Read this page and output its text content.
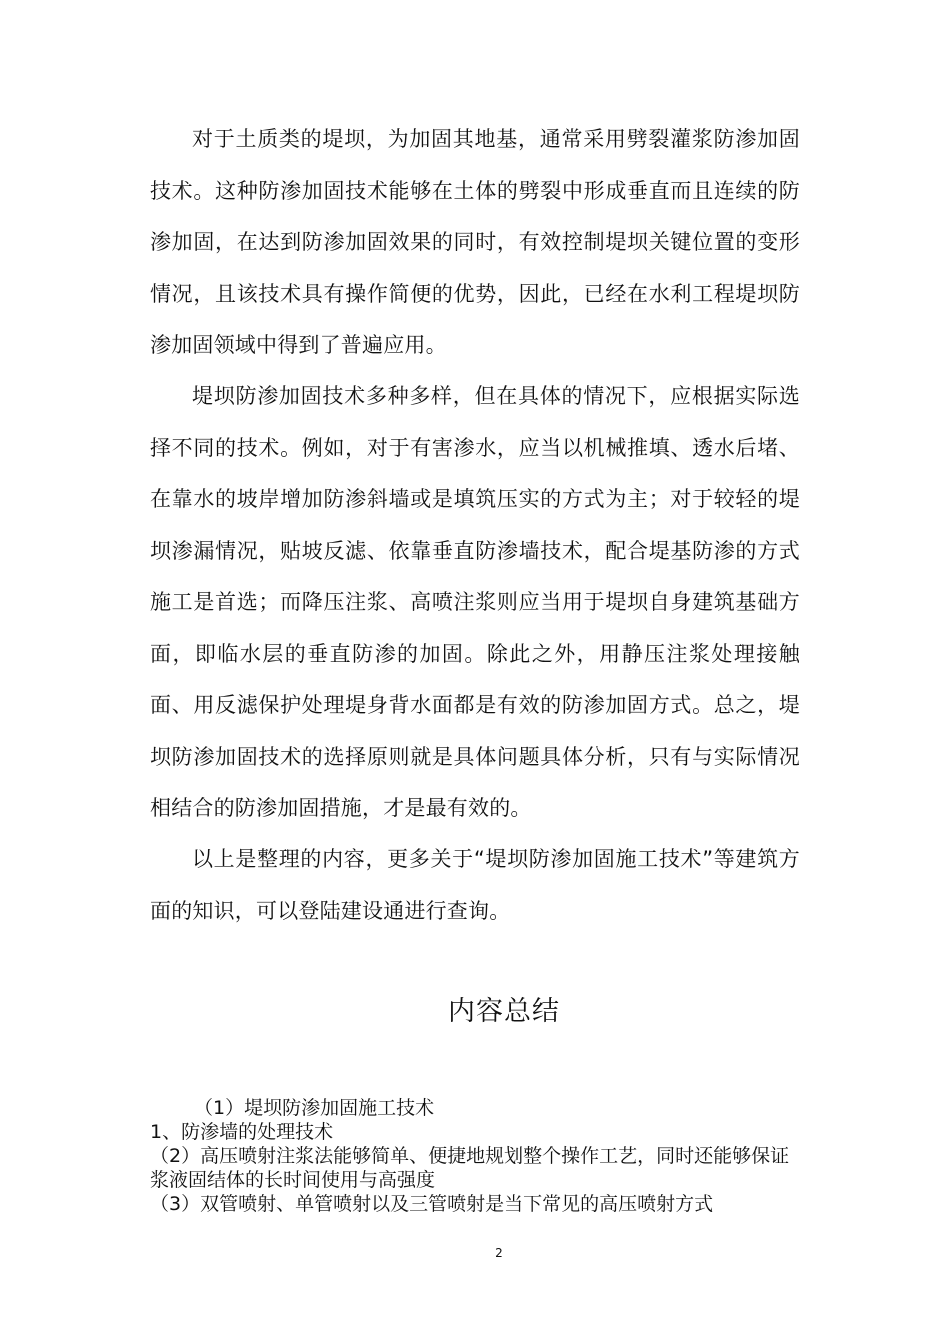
对于土质类的堤坝，为加固其地基，通常采用劈裂灌浆防渗加固技术。这种防渗加固技术能够在土体的劈裂中形成垂直而且连续的防渗加固，在达到防渗加固效果的同时，有效控制堤坝关键位置的变形情况，且该技术具有操作简便的优势，因此，已经在水利工程堤坝防渗加固领域中得到了普遍应用。

堤坝防渗加固技术多种多样，但在具体的情况下，应根据实际选择不同的技术。例如，对于有害渗水，应当以机械推填、透水后堵、在靠水的坡岸增加防渗斜墙或是填筑压实的方式为主；对于较轻的堤坝渗漏情况，贴坡反滤、依靠垂直防渗墙技术，配合堤基防渗的方式施工是首选；而降压注浆、高喷注浆则应当用于堤坝自身建筑基础方面，即临水层的垂直防渗的加固。除此之外，用静压注浆处理接触面、用反滤保护处理堤身背水面都是有效的防渗加固方式。总之，堤坝防渗加固技术的选择原则就是具体问题具体分析，只有与实际情况相结合的防渗加固措施，才是最有效的。

以上是整理的内容，更多关于“堤坝防渗加固施工技术”等建筑方面的知识，可以登陆建设通进行查询。

内容总结
（1）堤坝防渗加固施工技术
1、防渗墙的处理技术
（2）高压喷射注浆法能够简单、便捷地规划整个操作工艺，同时还能够保证浆液固结体的长时间使用与高强度
（3）双管喷射、单管喷射以及三管喷射是当下常见的高压喷射方式
2
